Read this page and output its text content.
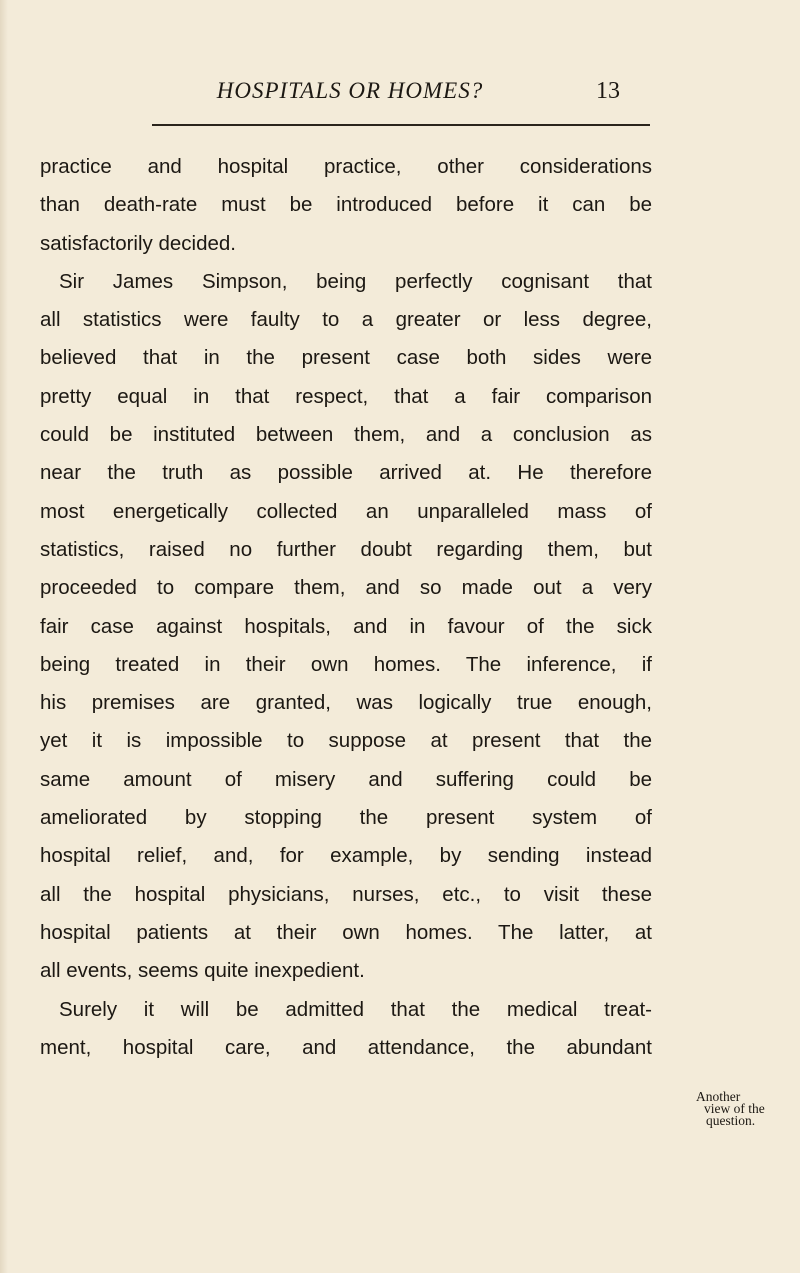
HOSPITALS OR HOMES?	13
practice and hospital practice, other considerations
than death-rate must be introduced before it can be
satisfactorily decided.
Sir James Simpson, being perfectly cognisant that
all statistics were faulty to a greater or less degree,
believed that in the present case both sides were
pretty equal in that respect, that a fair comparison
could be instituted between them, and a conclusion as
near the truth as possible arrived at. He therefore
most energetically collected an unparalleled mass of
statistics, raised no further doubt regarding them, but
proceeded to compare them, and so made out a very
fair case against hospitals, and in favour of the sick
being treated in their own homes. The inference, if
his premises are granted, was logically true enough,
yet it is impossible to suppose at present that the
same amount of misery and suffering could be
ameliorated by stopping the present system of
hospital relief, and, for example, by sending instead
all the hospital physicians, nurses, etc., to visit these
hospital patients at their own homes. The latter, at
all events, seems quite inexpedient.
Surely it will be admitted that the medical treat-
ment, hospital care, and attendance, the abundant
Another
view of the
question.
